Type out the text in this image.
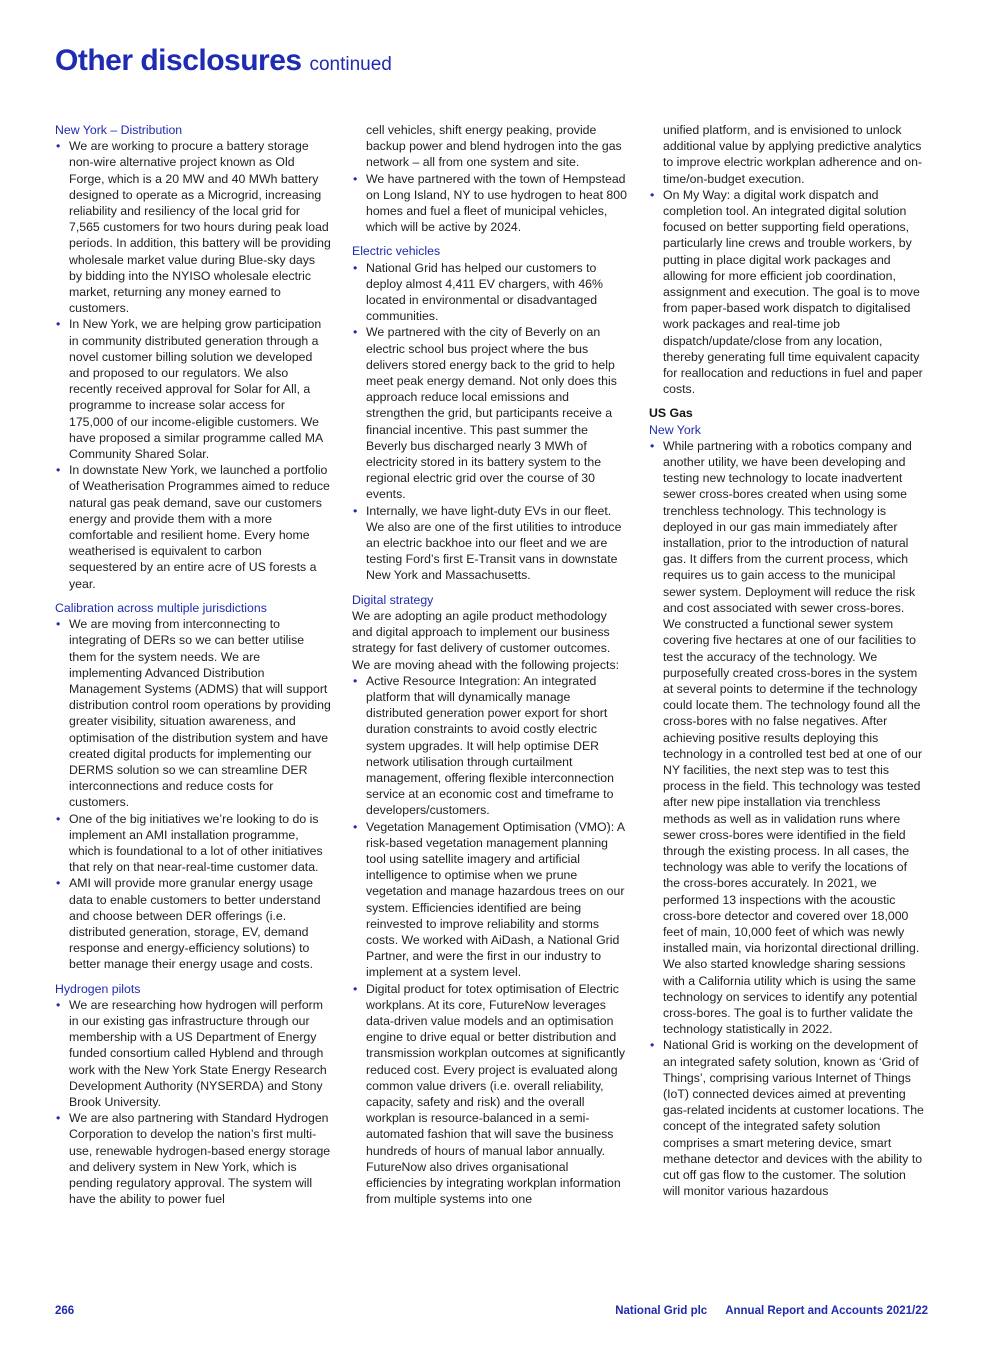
Other disclosures continued

New York – Distribution

• We are working to procure a battery storage non-wire alternative project known as Old Forge, which is a 20 MW and 40 MWh battery designed to operate as a Microgrid, increasing reliability and resiliency of the local grid for 7,565 customers for two hours during peak load periods. In addition, this battery will be providing wholesale market value during Blue-sky days by bidding into the NYISO wholesale electric market, returning any money earned to customers.
• In New York, we are helping grow participation in community distributed generation through a novel customer billing solution we developed and proposed to our regulators. We also recently received approval for Solar for All, a programme to increase solar access for 175,000 of our income-eligible customers. We have proposed a similar programme called MA Community Shared Solar.
• In downstate New York, we launched a portfolio of Weatherisation Programmes aimed to reduce natural gas peak demand, save our customers energy and provide them with a more comfortable and resilient home. Every home weatherised is equivalent to carbon sequestered by an entire acre of US forests a year.

Calibration across multiple jurisdictions

• We are moving from interconnecting to integrating of DERs so we can better utilise them for the system needs. We are implementing Advanced Distribution Management Systems (ADMS) that will support distribution control room operations by providing greater visibility, situation awareness, and optimisation of the distribution system and have created digital products for implementing our DERMS solution so we can streamline DER interconnections and reduce costs for customers.
• One of the big initiatives we’re looking to do is implement an AMI installation programme, which is foundational to a lot of other initiatives that rely on that near-real-time customer data.
• AMI will provide more granular energy usage data to enable customers to better understand and choose between DER offerings (i.e. distributed generation, storage, EV, demand response and energy-efficiency solutions) to better manage their energy usage and costs.

Hydrogen pilots

• We are researching how hydrogen will perform in our existing gas infrastructure through our membership with a US Department of Energy funded consortium called Hyblend and through work with the New York State Energy Research Development Authority (NYSERDA) and Stony Brook University.
• We are also partnering with Standard Hydrogen Corporation to develop the nation’s first multi-use, renewable hydrogen-based energy storage and delivery system in New York, which is pending regulatory approval. The system will have the ability to power fuel

cell vehicles, shift energy peaking, provide backup power and blend hydrogen into the gas network – all from one system and site.

• We have partnered with the town of Hempstead on Long Island, NY to use hydrogen to heat 800 homes and fuel a fleet of municipal vehicles, which will be active by 2024.

Electric vehicles

• National Grid has helped our customers to deploy almost 4,411 EV chargers, with 46% located in environmental or disadvantaged communities.
• We partnered with the city of Beverly on an electric school bus project where the bus delivers stored energy back to the grid to help meet peak energy demand. Not only does this approach reduce local emissions and strengthen the grid, but participants receive a financial incentive. This past summer the Beverly bus discharged nearly 3 MWh of electricity stored in its battery system to the regional electric grid over the course of 30 events.
• Internally, we have light-duty EVs in our fleet. We also are one of the first utilities to introduce an electric backhoe into our fleet and we are testing Ford’s first E-Transit vans in downstate New York and Massachusetts.

Digital strategy

We are adopting an agile product methodology and digital approach to implement our business strategy for fast delivery of customer outcomes. We are moving ahead with the following projects:

• Active Resource Integration: An integrated platform that will dynamically manage distributed generation power export for short duration constraints to avoid costly electric system upgrades. It will help optimise DER network utilisation through curtailment management, offering flexible interconnection service at an economic cost and timeframe to developers/customers.
• Vegetation Management Optimisation (VMO): A risk-based vegetation management planning tool using satellite imagery and artificial intelligence to optimise when we prune vegetation and manage hazardous trees on our system. Efficiencies identified are being reinvested to improve reliability and storms costs. We worked with AiDash, a National Grid Partner, and were the first in our industry to implement at a system level.
• Digital product for totex optimisation of Electric workplans. At its core, FutureNow leverages data-driven value models and an optimisation engine to drive equal or better distribution and transmission workplan outcomes at significantly reduced cost. Every project is evaluated along common value drivers (i.e. overall reliability, capacity, safety and risk) and the overall workplan is resource-balanced in a semi-automated fashion that will save the business hundreds of hours of manual labor annually. FutureNow also drives organisational efficiencies by integrating workplan information from multiple systems into one

unified platform, and is envisioned to unlock additional value by applying predictive analytics to improve electric workplan adherence and on-time/on-budget execution.

• On My Way: a digital work dispatch and completion tool. An integrated digital solution focused on better supporting field operations, particularly line crews and trouble workers, by putting in place digital work packages and allowing for more efficient job coordination, assignment and execution. The goal is to move from paper-based work dispatch to digitalised work packages and real-time job dispatch/update/close from any location, thereby generating full time equivalent capacity for reallocation and reductions in fuel and paper costs.

US Gas

New York

• While partnering with a robotics company and another utility, we have been developing and testing new technology to locate inadvertent sewer cross-bores created when using some trenchless technology. This technology is deployed in our gas main immediately after installation, prior to the introduction of natural gas. It differs from the current process, which requires us to gain access to the municipal sewer system. Deployment will reduce the risk and cost associated with sewer cross-bores. We constructed a functional sewer system covering five hectares at one of our facilities to test the accuracy of the technology. We purposefully created cross-bores in the system at several points to determine if the technology could locate them. The technology found all the cross-bores with no false negatives. After achieving positive results deploying this technology in a controlled test bed at one of our NY facilities, the next step was to test this process in the field. This technology was tested after new pipe installation via trenchless methods as well as in validation runs where sewer cross-bores were identified in the field through the existing process. In all cases, the technology was able to verify the locations of the cross-bores accurately. In 2021, we performed 13 inspections with the acoustic cross-bore detector and covered over 18,000 feet of main, 10,000 feet of which was newly installed main, via horizontal directional drilling. We also started knowledge sharing sessions with a California utility which is using the same technology on services to identify any potential cross-bores. The goal is to further validate the technology statistically in 2022.
• National Grid is working on the development of an integrated safety solution, known as ‘Grid of Things’, comprising various Internet of Things (IoT) connected devices aimed at preventing gas-related incidents at customer locations. The concept of the integrated safety solution comprises a smart metering device, smart methane detector and devices with the ability to cut off gas flow to the customer. The solution will monitor various hazardous
266	National Grid plc Annual Report and Accounts 2021/22
